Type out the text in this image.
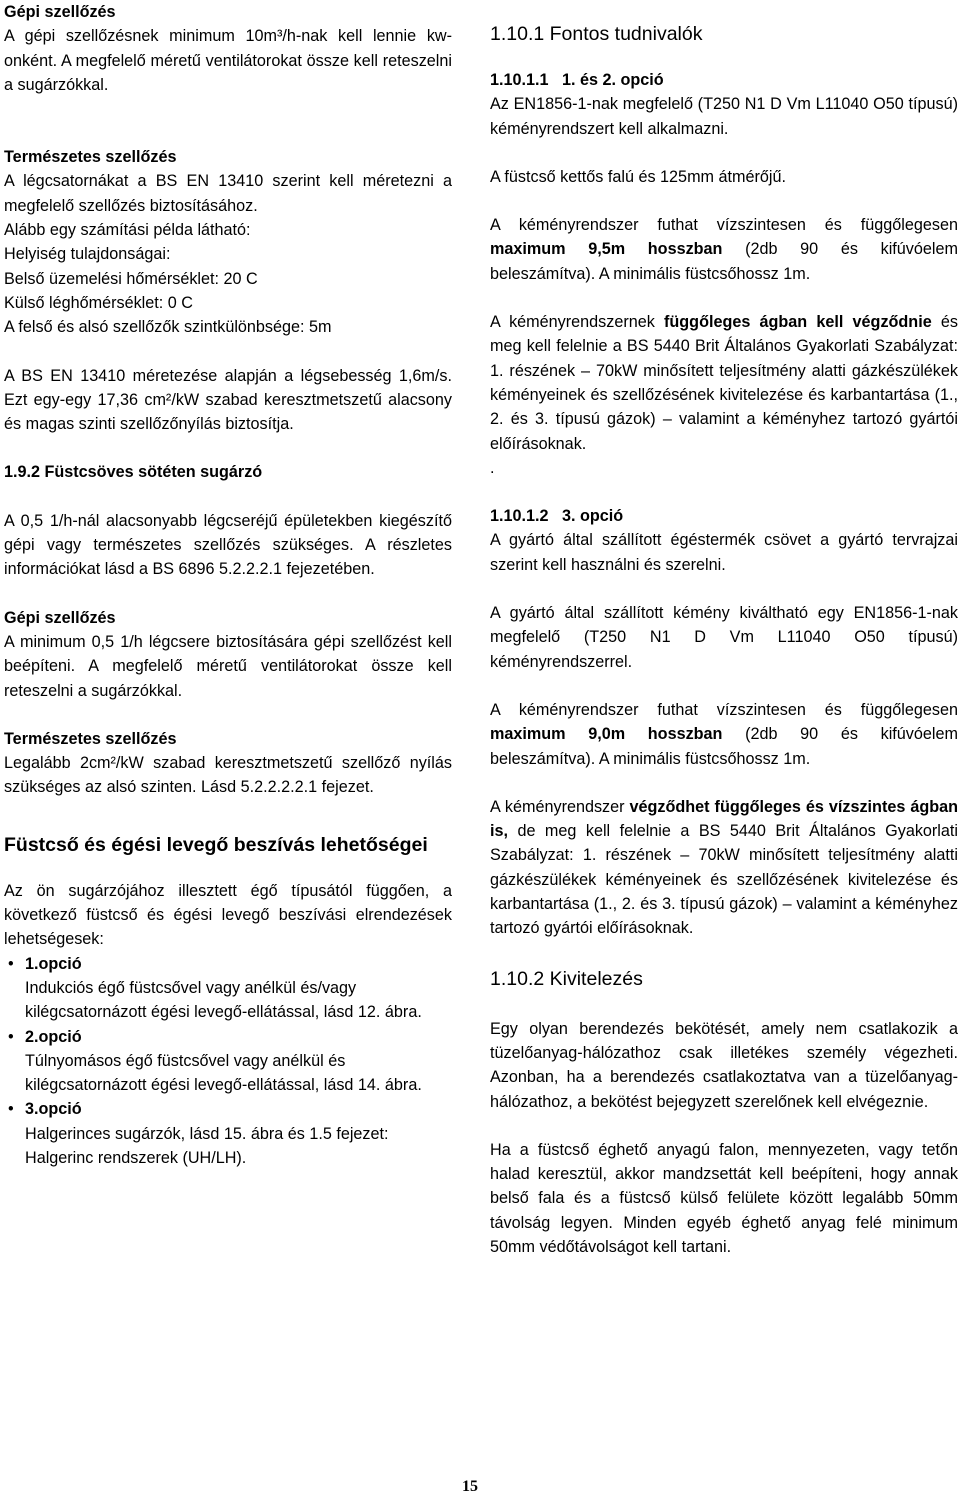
Gépi szellőzés

A gépi szellőzésnek minimum 10m³/h-nak kell lennie kw-onként. A megfelelő méretű ventilátorokat össze kell reteszelni a sugárzókkal.

Természetes szellőzés

A légcsatornákat a BS EN 13410 szerint kell méretezni a megfelelő szellőzés biztosításához.

Alább egy számítási példa látható:

Helyiség tulajdonságai:

Belső üzemelési hőmérséklet: 20 C

Külső léghőmérséklet: 0 C

A felső és alsó szellőzők szintkülönbsége: 5m

A BS EN 13410 méretezése alapján a légsebesség 1,6m/s. Ezt egy-egy 17,36 cm²/kW szabad keresztmetszetű alacsony és magas szinti szellőzőnyílás biztosítja.

1.9.2 Füstcsöves sötéten sugárzó

A 0,5 1/h-nál alacsonyabb légcseréjű épületekben kiegészítő gépi vagy természetes szellőzés szükséges. A részletes információkat lásd a BS 6896 5.2.2.2.1 fejezetében.

Gépi szellőzés

A minimum 0,5 1/h légcsere biztosítására gépi szellőzést kell beépíteni. A megfelelő méretű ventilátorokat össze kell reteszelni a sugárzókkal.

Természetes szellőzés

Legalább 2cm²/kW szabad keresztmetszetű szellőző nyílás szükséges az alsó szinten. Lásd 5.2.2.2.2.1 fejezet.

Füstcső és égési levegő beszívás lehetőségei

Az ön sugárzójához illesztett égő típusától függően, a következő füstcső és égési levegő beszívási elrendezések lehetségesek:

• 1.opció
Indukciós égő füstcsővel vagy anélkül és/vagy kilégcsatornázott égési levegő-ellátással, lásd 12. ábra.
• 2.opció
Túlnyomásos égő füstcsővel vagy anélkül és kilégcsatornázott égési levegő-ellátással, lásd 14. ábra.
• 3.opció
Halgerinces sugárzók, lásd 15. ábra és 1.5 fejezet: Halgerinc rendszerek (UH/LH).

1.10.1 Fontos tudnivalók

1.10.1.1   1. és 2. opció

Az EN1856-1-nak megfelelő (T250 N1 D Vm L11040 O50 típusú) kéményrendszert kell alkalmazni.

A füstcső kettős falú és 125mm átmérőjű.

A kéményrendszer futhat vízszintesen és függőlegesen maximum 9,5m hosszban (2db 90 és kifúvóelem beleszámítva). A minimális füstcsőhossz 1m.

A kéményrendszernek függőleges ágban kell végződnie és meg kell felelnie a BS 5440 Brit Általános Gyakorlati Szabályzat: 1. részének – 70kW minősített teljesítmény alatti gázkészülékek kéményeinek és szellőzésének kivitelezése és karbantartása (1., 2. és 3. típusú gázok) – valamint a kéményhez tartozó gyártói előírásoknak.

.

1.10.1.2   3. opció

A gyártó által szállított égéstermék csövet a gyártó tervrajzai szerint kell használni és szerelni.

A gyártó által szállított kémény kiváltható egy EN1856-1-nak megfelelő (T250 N1 D Vm L11040 O50 típusú) kéményrendszerrel.

A kéményrendszer futhat vízszintesen és függőlegesen maximum 9,0m hosszban (2db 90 és kifúvóelem beleszámítva). A minimális füstcsőhossz 1m.

A kéményrendszer végződhet függőleges és vízszintes ágban is, de meg kell felelnie a BS 5440 Brit Általános Gyakorlati Szabályzat: 1. részének – 70kW minősített teljesítmény alatti gázkészülékek kéményeinek és szellőzésének kivitelezése és karbantartása (1., 2. és 3. típusú gázok) – valamint a kéményhez tartozó gyártói előírásoknak.

1.10.2 Kivitelezés

Egy olyan berendezés bekötését, amely nem csatlakozik a tüzelőanyag-hálózathoz csak illetékes személy végezheti. Azonban, ha a berendezés csatlakoztatva van a tüzelőanyag-hálózathoz, a bekötést bejegyzett szerelőnek kell elvégeznie.

Ha a füstcső éghető anyagú falon, mennyezeten, vagy tetőn halad keresztül, akkor mandzsettát kell beépíteni, hogy annak belső fala és a füstcső külső felülete között legalább 50mm távolság legyen. Minden egyéb éghető anyag felé minimum 50mm védőtávolságot kell tartani.

15
